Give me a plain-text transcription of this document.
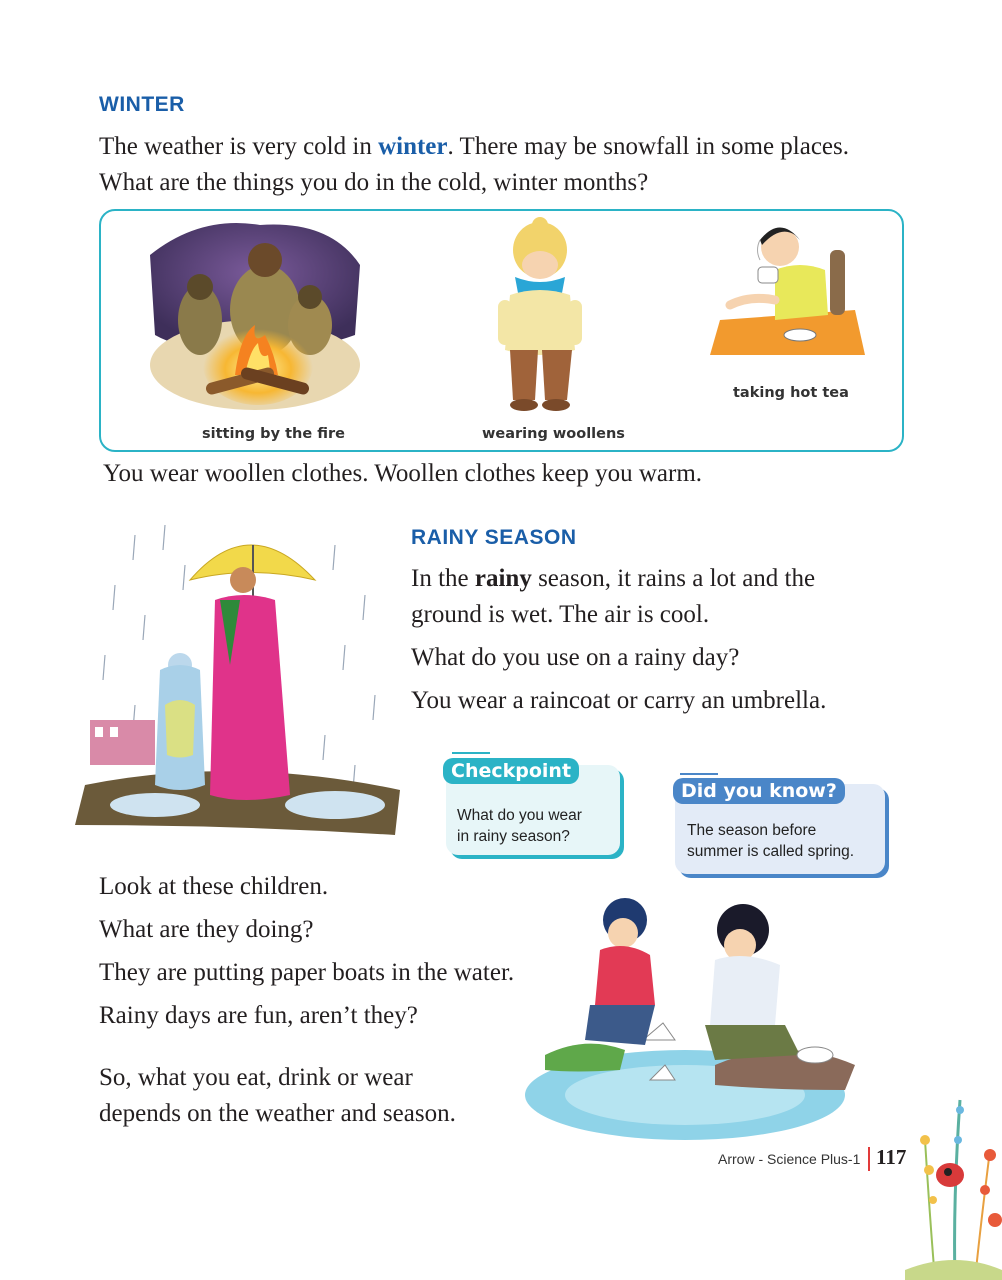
WINTER
The weather is very cold in winter. There may be snowfall in some places.
What are the things you do in the cold, winter months?
sitting by the fire	wearing woollens
taking hot tea
You wear woollen clothes. Woollen clothes keep you warm.
RAINY SEASON
In the rainy season, it rains a lot and the
ground is wet. The air is cool.
What do you use on a rainy day?
You wear a raincoat or carry an umbrella.
Checkpoint
What do you wear
in rainy season?
Did you know?
The season before
summer is called spring.
Look at these children.
What are they doing?
They are putting paper boats in the water.
Rainy days are fun, aren’t they?
So, what you eat, drink or wear
depends on the weather and season.
Arrow - Science Plus-1 117
